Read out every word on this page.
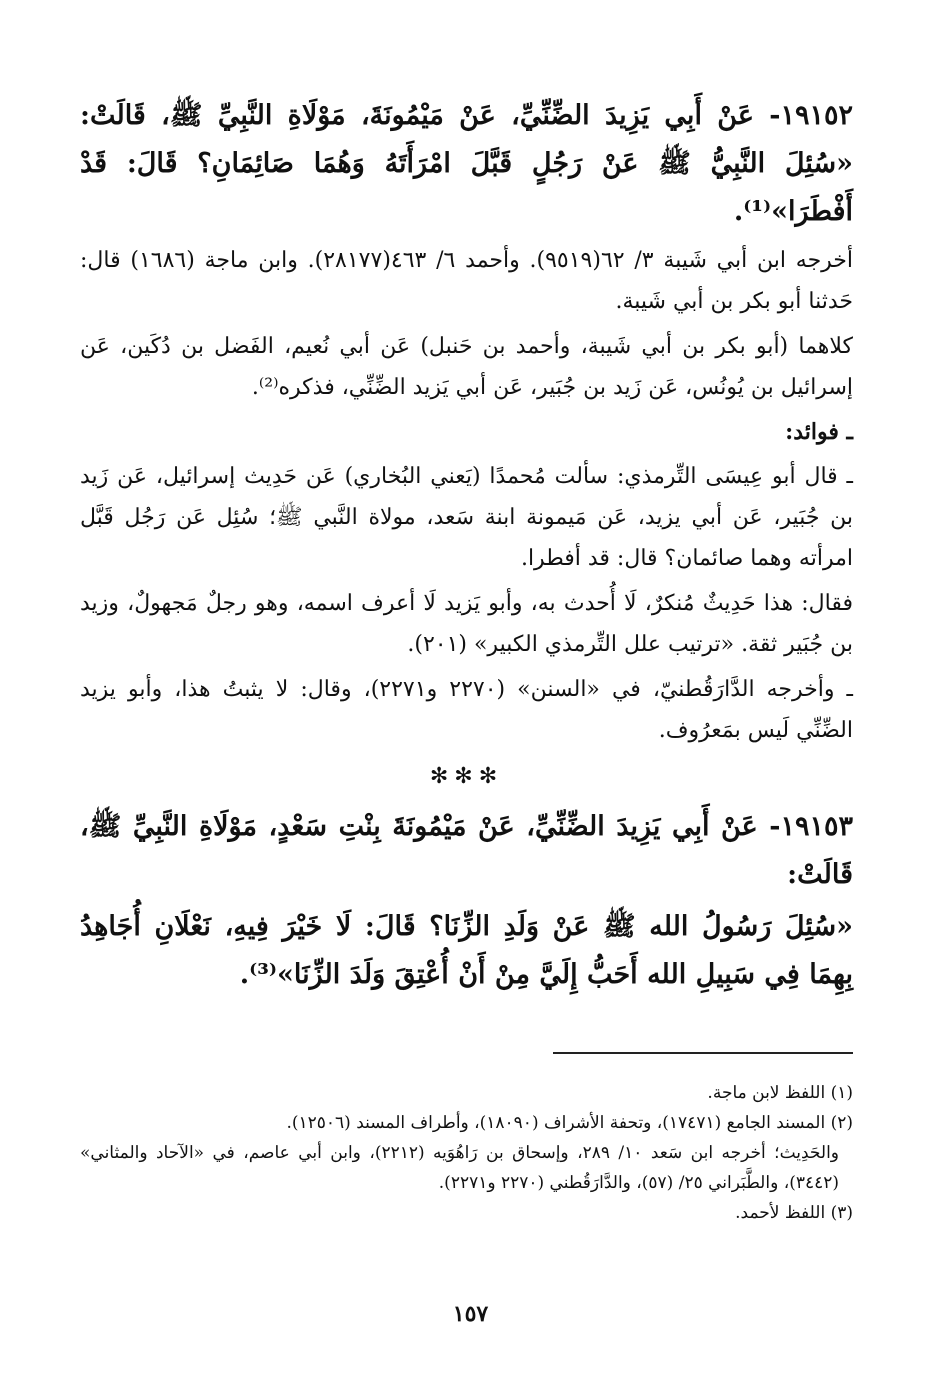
١٩١٥٢- عَنْ أَبِي يَزِيدَ الضِّنِّيِّ، عَنْ مَيْمُونَةَ، مَوْلَاةِ النَّبِيِّ ﷺ، قَالَتْ: «سُئِلَ النَّبِيُّ ﷺ عَنْ رَجُلٍ قَبَّلَ امْرَأَتَهُ وَهُمَا صَائِمَانِ؟ قَالَ: قَدْ أَفْطَرَا»⁽¹⁾.

أخرجه ابن أبي شَيبة ٣/ ٦٢(٩٥١٩). وأحمد ٦/ ٤٦٣(٢٨١٧٧). وابن ماجة (١٦٨٦) قال: حَدثنا أبو بكر بن أبي شَيبة.

كلاهما (أبو بكر بن أبي شَيبة، وأحمد بن حَنبل) عَن أبي نُعيم، الفَضل بن دُكَين، عَن إسرائيل بن يُونُس، عَن زَيد بن جُبَير، عَن أبي يَزيد الضِّنِّي، فذكره⁽²⁾.

ـ فوائد:

ـ قال أبو عِيسَى التِّرمذي: سألت مُحمدًا (يَعني البُخاري) عَن حَدِيث إسرائيل، عَن زَيد بن جُبَير، عَن أبي يزيد، عَن مَيمونة ابنة سَعد، مولاة النَّبي ﷺ؛ سُئِل عَن رَجُل قَبَّل امرأته وهما صائمان؟ قال: قد أفطرا.

فقال: هذا حَدِيثٌ مُنكرٌ، لَا أُحدث به، وأبو يَزيد لَا أعرف اسمه، وهو رجلٌ مَجهولٌ، وزيد بن جُبَير ثقة. «ترتيب علل التِّرمذي الكبير» (٢٠١).

ـ وأخرجه الدَّارَقُطنيّ، في «السنن» (٢٢٧٠ و٢٢٧١)، وقال: لا يثبتُ هذا، وأبو يزيد الضِّنِّي لَيس بمَعرُوف.

✻✻✻

١٩١٥٣- عَنْ أَبِي يَزِيدَ الضِّنِّيِّ، عَنْ مَيْمُونَةَ بِنْتِ سَعْدٍ، مَوْلَاةِ النَّبِيِّ ﷺ، قَالَتْ:

«سُئِلَ رَسُولُ الله ﷺ عَنْ وَلَدِ الزِّنَا؟ قَالَ: لَا خَيْرَ فِيهِ، نَعْلَانِ أُجَاهِدُ بِهِمَا فِي سَبِيلِ الله أَحَبُّ إِلَيَّ مِنْ أَنْ أُعْتِقَ وَلَدَ الزِّنَا»⁽³⁾.

(١) اللفظ لابن ماجة.

(٢) المسند الجامع (١٧٤٧١)، وتحفة الأشراف (١٨٠٩٠)، وأطراف المسند (١٢٥٠٦).

والحَدِيث؛ أخرجه ابن سَعد ١٠/ ٢٨٩، وإسحاق بن رَاهُوَيه (٢٢١٢)، وابن أبي عاصم، في «الآحاد والمثاني» (٣٤٤٢)، والطَّبَراني ٢٥/ (٥٧)، والدَّارَقُطني (٢٢٧٠ و٢٢٧١).

(٣) اللفظ لأحمد.

١٥٧
